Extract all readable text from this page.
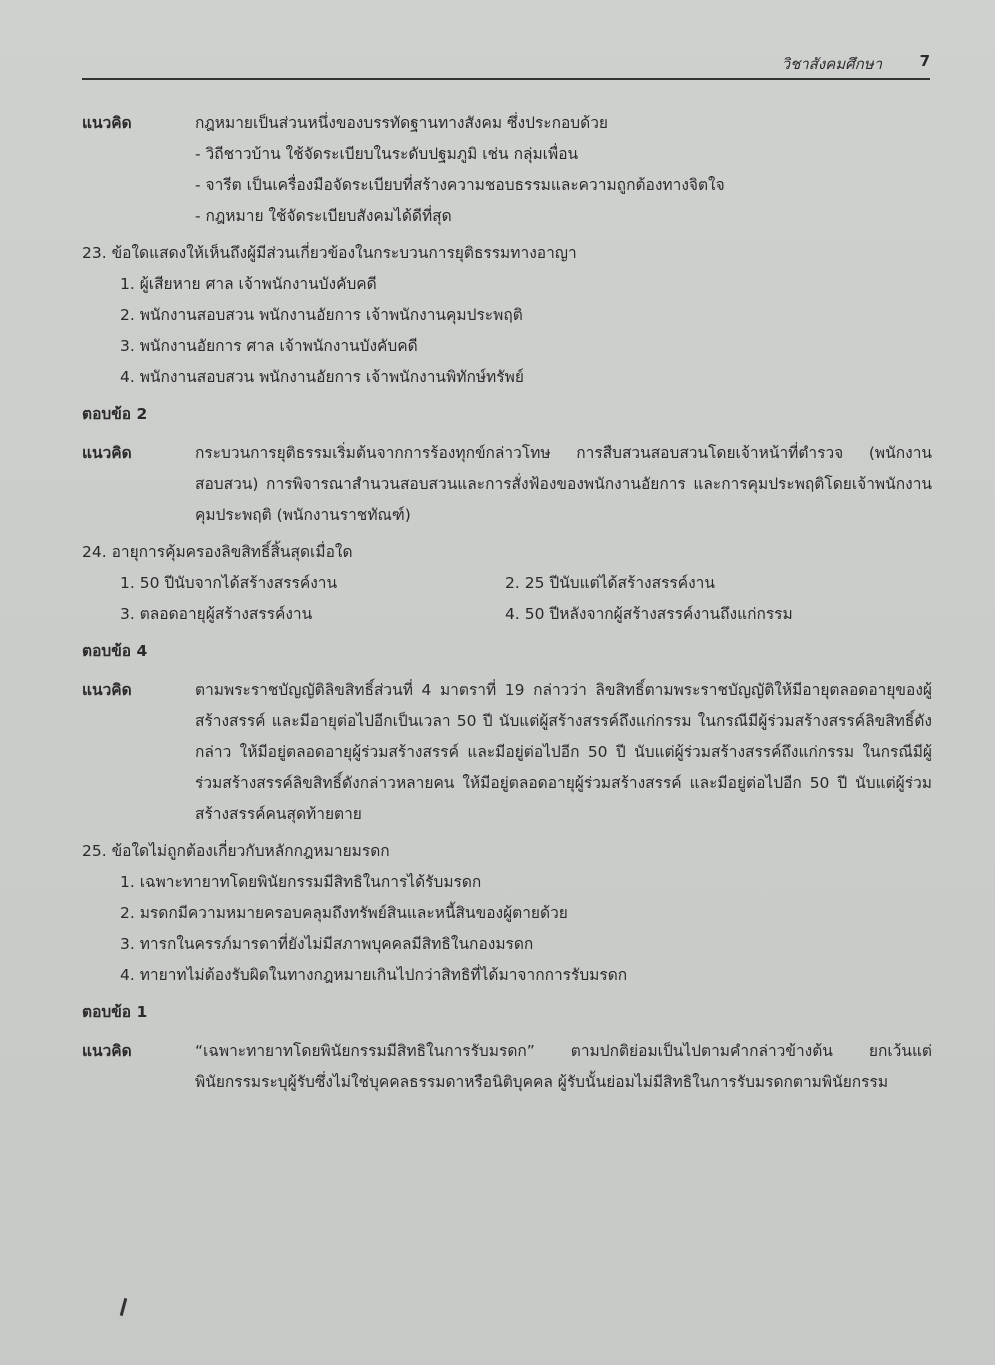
วิชาสังคมศึกษา	7
แนวคิด	กฎหมายเป็นส่วนหนึ่งของบรรทัดฐานทางสังคม ซึ่งประกอบด้วย
- วิถีชาวบ้าน ใช้จัดระเบียบในระดับปฐมภูมิ เช่น กลุ่มเพื่อน
- จารีต เป็นเครื่องมือจัดระเบียบที่สร้างความชอบธรรมและความถูกต้องทางจิตใจ
- กฎหมาย ใช้จัดระเบียบสังคมได้ดีที่สุด
23. ข้อใดแสดงให้เห็นถึงผู้มีส่วนเกี่ยวข้องในกระบวนการยุติธรรมทางอาญา
1. ผู้เสียหาย ศาล เจ้าพนักงานบังคับคดี
2. พนักงานสอบสวน พนักงานอัยการ เจ้าพนักงานคุมประพฤติ
3. พนักงานอัยการ ศาล เจ้าพนักงานบังคับคดี
4. พนักงานสอบสวน พนักงานอัยการ เจ้าพนักงานพิทักษ์ทรัพย์
ตอบข้อ 2
แนวคิด	กระบวนการยุติธรรมเริ่มต้นจากการร้องทุกข์กล่าวโทษ การสืบสวนสอบสวนโดยเจ้าหน้าที่ตำรวจ (พนักงานสอบสวน) การพิจารณาสำนวนสอบสวนและการสั่งฟ้องของพนักงานอัยการ และการคุมประพฤติโดยเจ้าพนักงานคุมประพฤติ (พนักงานราชทัณฑ์)
24. อายุการคุ้มครองลิขสิทธิ์สิ้นสุดเมื่อใด
1. 50 ปีนับจากได้สร้างสรรค์งาน	2. 25 ปีนับแต่ได้สร้างสรรค์งาน
3. ตลอดอายุผู้สร้างสรรค์งาน	4. 50 ปีหลังจากผู้สร้างสรรค์งานถึงแก่กรรม
ตอบข้อ 4
แนวคิด	ตามพระราชบัญญัติลิขสิทธิ์ส่วนที่ 4 มาตราที่ 19 กล่าวว่า ลิขสิทธิ์ตามพระราชบัญญัติให้มีอายุตลอดอายุของผู้สร้างสรรค์ และมีอายุต่อไปอีกเป็นเวลา 50 ปี นับแต่ผู้สร้างสรรค์ถึงแก่กรรม ในกรณีมีผู้ร่วมสร้างสรรค์ลิขสิทธิ์ดังกล่าว ให้มีอยู่ตลอดอายุผู้ร่วมสร้างสรรค์ และมีอยู่ต่อไปอีก 50 ปี นับแต่ผู้ร่วมสร้างสรรค์ถึงแก่กรรม ในกรณีมีผู้ร่วมสร้างสรรค์ลิขสิทธิ์ดังกล่าวหลายคน ให้มีอยู่ตลอดอายุผู้ร่วมสร้างสรรค์ และมีอยู่ต่อไปอีก 50 ปี นับแต่ผู้ร่วมสร้างสรรค์คนสุดท้ายตาย
25. ข้อใดไม่ถูกต้องเกี่ยวกับหลักกฎหมายมรดก
1. เฉพาะทายาทโดยพินัยกรรมมีสิทธิในการได้รับมรดก
2. มรดกมีความหมายครอบคลุมถึงทรัพย์สินและหนี้สินของผู้ตายด้วย
3. ทารกในครรภ์มารดาที่ยังไม่มีสภาพบุคคลมีสิทธิในกองมรดก
4. ทายาทไม่ต้องรับผิดในทางกฎหมายเกินไปกว่าสิทธิที่ได้มาจากการรับมรดก
ตอบข้อ 1
แนวคิด	“เฉพาะทายาทโดยพินัยกรรมมีสิทธิในการรับมรดก” ตามปกติย่อมเป็นไปตามคำกล่าวข้างต้น ยกเว้นแต่พินัยกรรมระบุผู้รับซึ่งไม่ใช่บุคคลธรรมดาหรือนิติบุคคล ผู้รับนั้นย่อมไม่มีสิทธิในการรับมรดกตามพินัยกรรม
